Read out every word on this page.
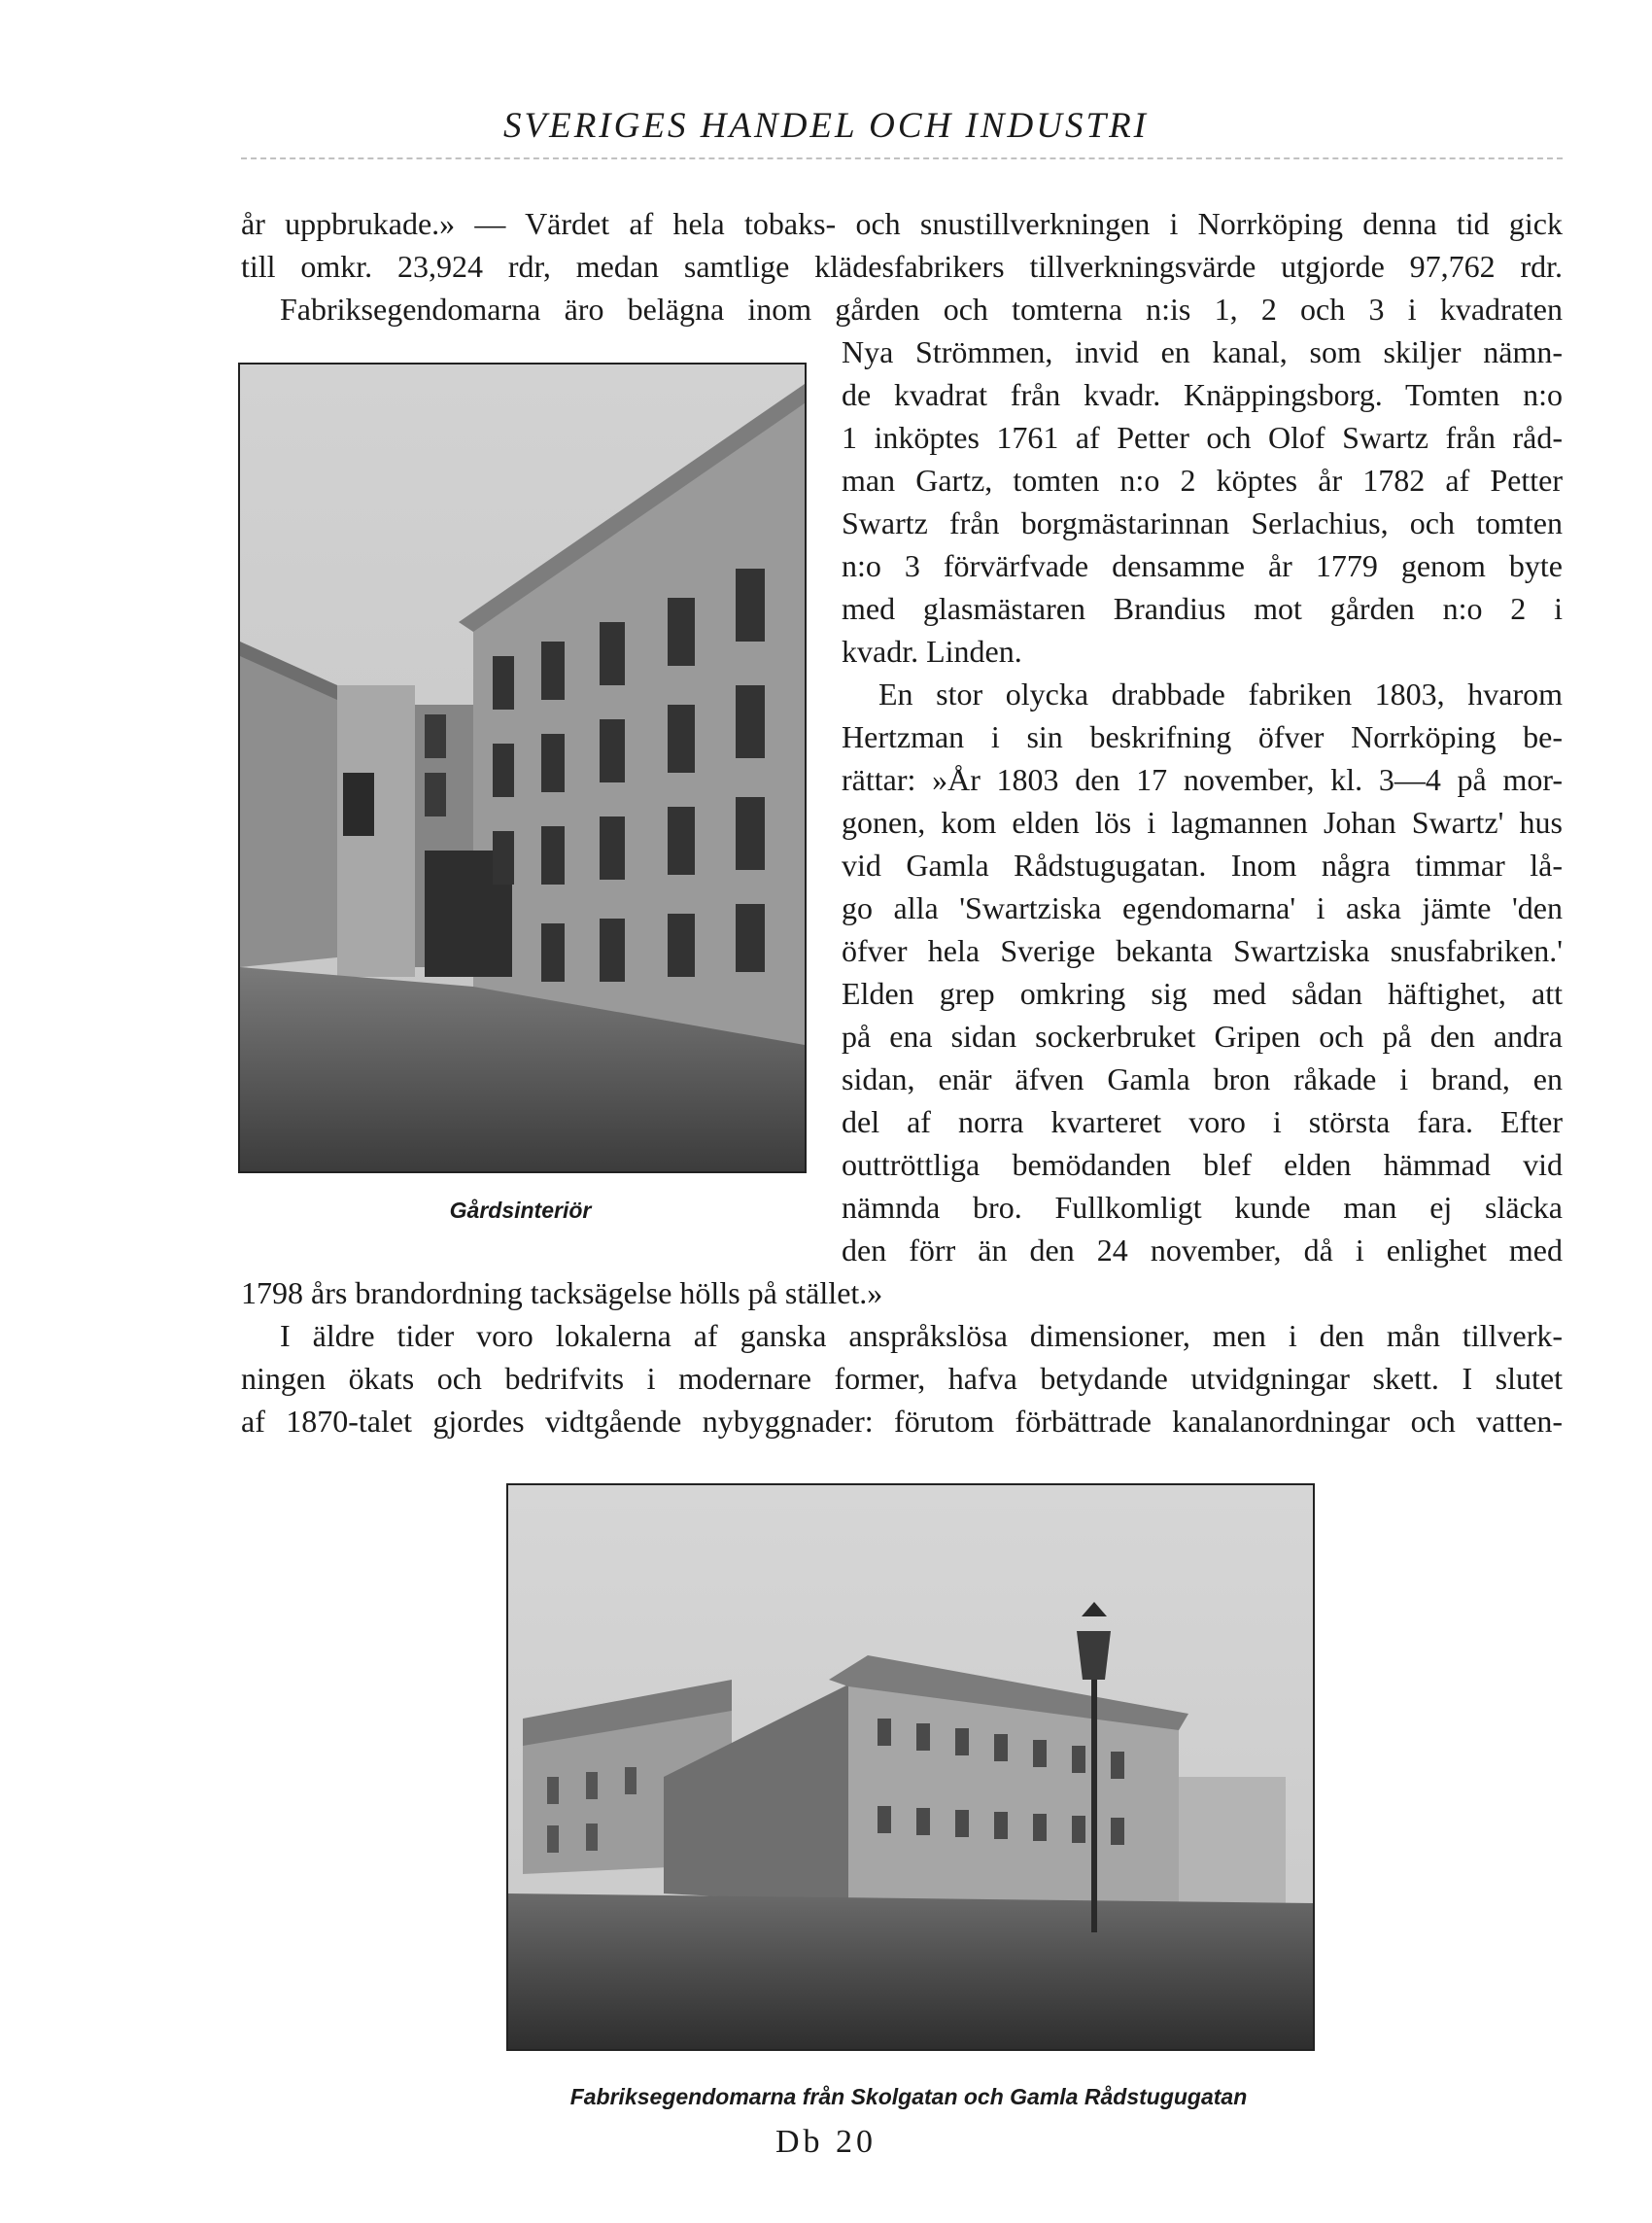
SVERIGES HANDEL OCH INDUSTRI
år uppbrukade.» — Värdet af hela tobaks- och snustillverkningen i Norrköping denna tid gick
till omkr. 23,924 rdr, medan samtlige klädesfabrikers tillverkningsvärde utgjorde 97,762 rdr.
Fabriksegendomarna äro belägna inom gården och tomterna n:is 1, 2 och 3 i kvadraten
Gårdsinteriör
Nya Strömmen, invid en kanal, som skiljer nämn-
de kvadrat från kvadr. Knäppingsborg. Tomten n:o
1 inköptes 1761 af Petter och Olof Swartz från råd-
man Gartz, tomten n:o 2 köptes år 1782 af Petter
Swartz från borgmästarinnan Serlachius, och tomten
n:o 3 förvärfvade densamme år 1779 genom byte
med glasmästaren Brandius mot gården n:o 2 i
kvadr. Linden.
En stor olycka drabbade fabriken 1803, hvarom
Hertzman i sin beskrifning öfver Norrköping be-
rättar: »År 1803 den 17 november, kl. 3—4 på mor-
gonen, kom elden lös i lagmannen Johan Swartz' hus
vid Gamla Rådstugugatan. Inom några timmar lå-
go alla 'Swartziska egendomarna' i aska jämte 'den
öfver hela Sverige bekanta Swartziska snusfabriken.'
Elden grep omkring sig med sådan häftighet, att
på ena sidan sockerbruket Gripen och på den andra
sidan, enär äfven Gamla bron råkade i brand, en
del af norra kvarteret voro i största fara. Efter
outtröttliga bemödanden blef elden hämmad vid
nämnda bro. Fullkomligt kunde man ej släcka
den förr än den 24 november, då i enlighet med
1798 års brandordning tacksägelse hölls på stället.»
I äldre tider voro lokalerna af ganska anspråkslösa dimensioner, men i den mån tillverk-
ningen ökats och bedrifvits i modernare former, hafva betydande utvidgningar skett. I slutet
af 1870-talet gjordes vidtgående nybyggnader: förutom förbättrade kanalanordningar och vatten-
Fabriksegendomarna från Skolgatan och Gamla Rådstugugatan
Db 20
